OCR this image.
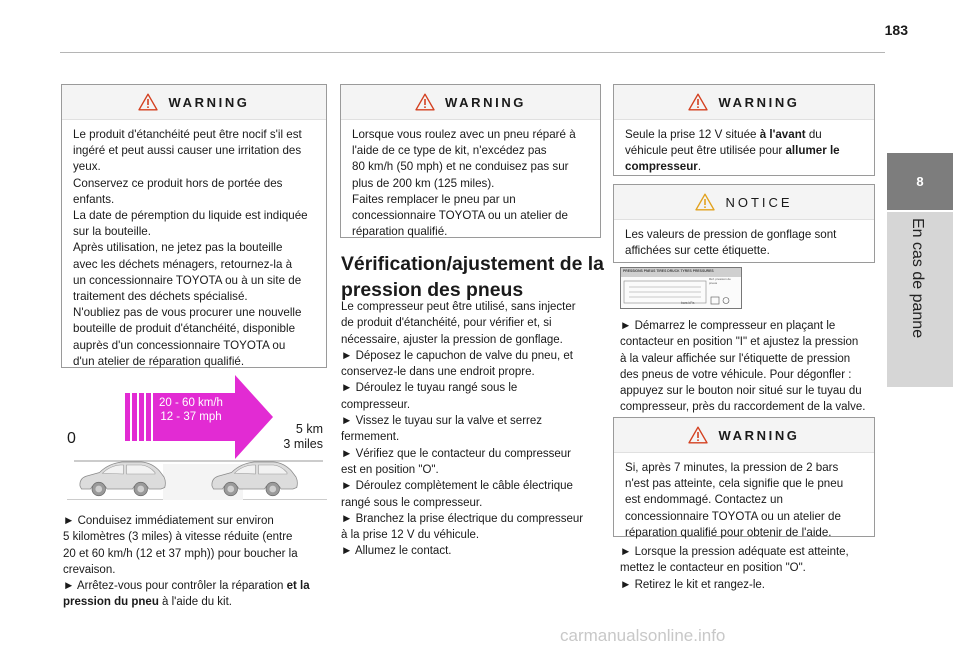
183
8
En cas de panne
WARNING
Le produit d'étanchéité peut être nocif s'il est
ingéré et peut aussi causer une irritation des
yeux.
Conservez ce produit hors de portée des
enfants.
La date de péremption du liquide est indiquée
sur la bouteille.
Après utilisation, ne jetez pas la bouteille
avec les déchets ménagers, retournez-la à
un concessionnaire TOYOTA ou à un site de
traitement des déchets spécialisé.
N'oubliez pas de vous procurer une nouvelle
bouteille de produit d'étanchéité, disponible
auprès d'un concessionnaire TOYOTA ou
d'un atelier de réparation qualifié.
20 - 60 km/h
12 - 37 mph
0
5 km
3 miles
► Conduisez immédiatement sur environ
5 kilomètres (3 miles) à vitesse réduite (entre
20 et 60 km/h (12 et 37 mph)) pour boucher la
crevaison.
► Arrêtez-vous pour contrôler la réparation et la
pression du pneu à l'aide du kit.
WARNING
Lorsque vous roulez avec un pneu réparé à
l'aide de ce type de kit, n'excédez pas
80 km/h (50 mph) et ne conduisez pas sur
plus de 200 km (125 miles).
Faites remplacer le pneu par un
concessionnaire TOYOTA ou un atelier de
réparation qualifié.
Vérification/ajustement de la
pression des pneus
Le compresseur peut être utilisé, sans injecter
de produit d'étanchéité, pour vérifier et, si
nécessaire, ajuster la pression de gonflage.
► Déposez le capuchon de valve du pneu, et
conservez-le dans une endroit propre.
► Déroulez le tuyau rangé sous le
compresseur.
► Vissez le tuyau sur la valve et serrez
fermement.
► Vérifiez que le contacteur du compresseur
est en position "O".
► Déroulez complètement le câble électrique
rangé sous le compresseur.
► Branchez la prise électrique du compresseur
à la prise 12 V du véhicule.
► Allumez le contact.
WARNING
Seule la prise 12 V située à l'avant du
véhicule peut être utilisée pour allumer le
compresseur.
NOTICE
Les valeurs de pression de gonflage sont
affichées sur cette étiquette.
PRESSIONS PNEUS TIRES DRUCK TYRES PRESSURES
Réf. pression de pneus
bars kPa
► Démarrez le compresseur en plaçant le
contacteur en position "I" et ajustez la pression
à la valeur affichée sur l'étiquette de pression
des pneus de votre véhicule. Pour dégonfler :
appuyez sur le bouton noir situé sur le tuyau du
compresseur, près du raccordement de la valve.
WARNING
Si, après 7 minutes, la pression de 2 bars
n'est pas atteinte, cela signifie que le pneu
est endommagé. Contactez un
concessionnaire TOYOTA ou un atelier de
réparation qualifié pour obtenir de l'aide.
► Lorsque la pression adéquate est atteinte,
mettez le contacteur en position "O".
► Retirez le kit et rangez-le.
carmanualsonline.info
